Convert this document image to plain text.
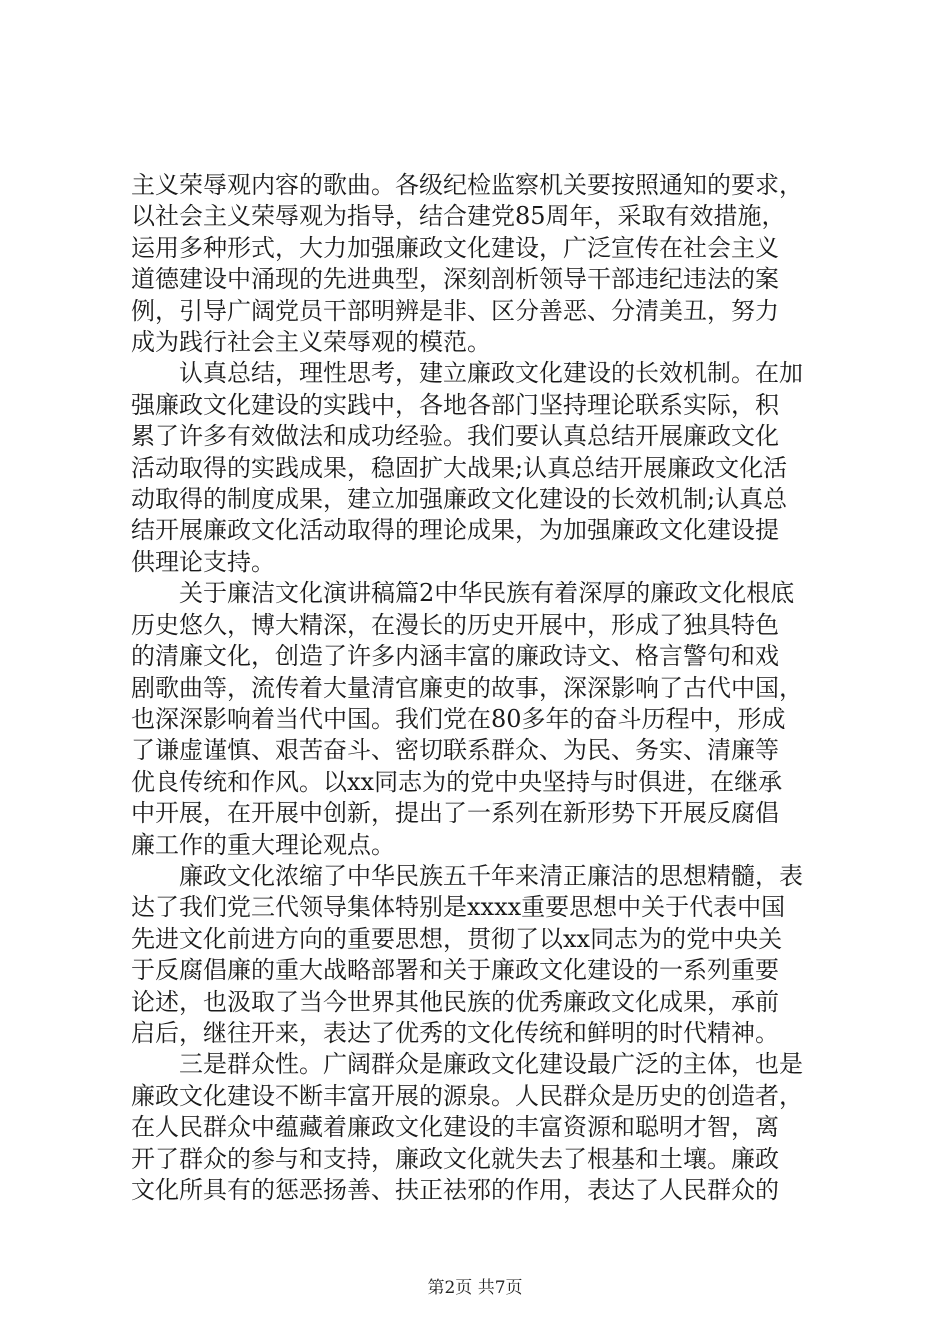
主义荣辱观内容的歌曲。各级纪检监察机关要按照通知的要求，
以社会主义荣辱观为指导，结合建党85周年，采取有效措施，
运用多种形式，大力加强廉政文化建设，广泛宣传在社会主义
道德建设中涌现的先进典型，深刻剖析领导干部违纪违法的案
例，引导广阔党员干部明辨是非、区分善恶、分清美丑，努力
成为践行社会主义荣辱观的模范。

　　认真总结，理性思考，建立廉政文化建设的长效机制。在加
强廉政文化建设的实践中，各地各部门坚持理论联系实际，积
累了许多有效做法和成功经验。我们要认真总结开展廉政文化
活动取得的实践成果，稳固扩大战果;认真总结开展廉政文化活
动取得的制度成果，建立加强廉政文化建设的长效机制;认真总
结开展廉政文化活动取得的理论成果，为加强廉政文化建设提
供理论支持。

　　关于廉洁文化演讲稿篇2中华民族有着深厚的廉政文化根底
历史悠久，博大精深，在漫长的历史开展中，形成了独具特色
的清廉文化，创造了许多内涵丰富的廉政诗文、格言警句和戏
剧歌曲等，流传着大量清官廉吏的故事，深深影响了古代中国，
也深深影响着当代中国。我们党在80多年的奋斗历程中，形成
了谦虚谨慎、艰苦奋斗、密切联系群众、为民、务实、清廉等
优良传统和作风。以xx同志为的党中央坚持与时俱进，在继承
中开展，在开展中创新，提出了一系列在新形势下开展反腐倡
廉工作的重大理论观点。

　　廉政文化浓缩了中华民族五千年来清正廉洁的思想精髓，表
达了我们党三代领导集体特别是xxxx重要思想中关于代表中国
先进文化前进方向的重要思想，贯彻了以xx同志为的党中央关
于反腐倡廉的重大战略部署和关于廉政文化建设的一系列重要
论述，也汲取了当今世界其他民族的优秀廉政文化成果，承前
启后，继往开来，表达了优秀的文化传统和鲜明的时代精神。

　　三是群众性。广阔群众是廉政文化建设最广泛的主体，也是
廉政文化建设不断丰富开展的源泉。人民群众是历史的创造者，
在人民群众中蕴藏着廉政文化建设的丰富资源和聪明才智，离
开了群众的参与和支持，廉政文化就失去了根基和土壤。廉政
文化所具有的惩恶扬善、扶正祛邪的作用，表达了人民群众的

第2页 共7页
